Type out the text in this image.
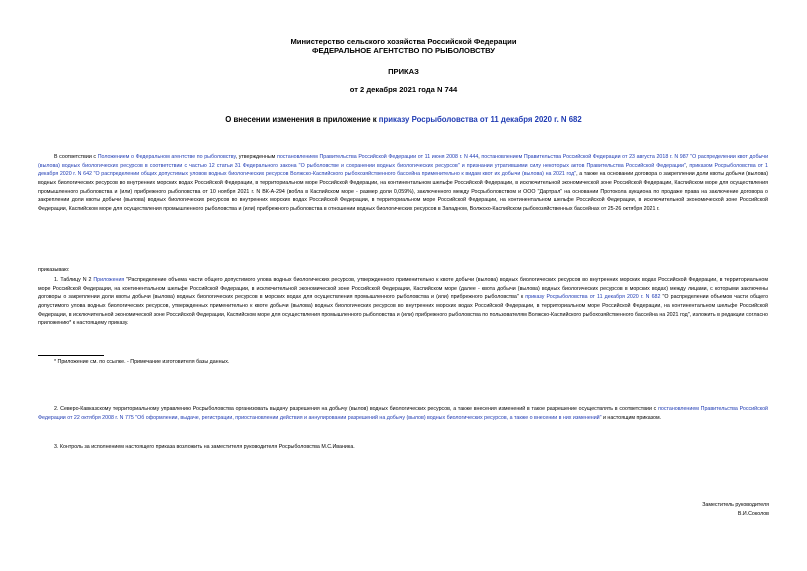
Министерство сельского хозяйства Российской Федерации
ФЕДЕРАЛЬНОЕ АГЕНТСТВО ПО РЫБОЛОВСТВУ
ПРИКАЗ
от 2 декабря 2021 года N 744
О внесении изменения в приложение к приказу Росрыболовства от 11 декабря 2020 г. N 682
В соответствии с Положением о Федеральном агентстве по рыболовству, утвержденным постановлением Правительства Российской Федерации от 11 июня 2008 г. N 444, постановлением Правительства Российской Федерации от 23 августа 2018 г. N 987 "О распределении квот добычи (вылова) водных биологических ресурсов в соответствии с частью 12 статьи 31 Федерального закона "О рыболовстве и сохранении водных биологических ресурсов" и признании утратившими силу некоторых актов Правительства Российской Федерации", приказом Росрыболовства от 1 декабря 2020 г. N 642 "О распределении общих допустимых уловов водных биологических ресурсов Волжско-Каспийского рыбохозяйственного бассейна применительно к видам квот их добычи (вылова) на 2021 год", а также на основании договора о закреплении доли квоты добычи (вылова) водных биологических ресурсов во внутренних морских водах Российской Федерации, в территориальном море Российской Федерации, на континентальном шельфе Российской Федерации, в исключительной экономической зоне Российской Федерации, Каспийском море для осуществления промышленного рыболовства и (или) прибрежного рыболовства от 10 ноября 2021 г. N ВК-А-294 (вобла в Каспийском море - размер доли 0,059%), заключенного между Росрыболовством и ООО "Дартрал" на основании Протокола аукциона по продаже права на заключение договора о закреплении доли квоты добычи (вылова) водных биологических ресурсов во внутренних морских водах Российской Федерации, в территориальном море Российской Федерации, на континентальном шельфе Российской Федерации, в исключительной экономической зоне Российской Федерации, Каспийском море для осуществления промышленного рыболовства и (или) прибрежного рыболовства в отношении водных биологических ресурсов в Западном, Волжско-Каспийском рыбохозяйственных бассейнах от 25-26 октября 2021 г.
приказываю:
1. Таблицу N 2 Приложения "Распределение объема части общего допустимого улова водных биологических ресурсов, утвержденного применительно к квоте добычи (вылова) водных биологических ресурсов во внутренних морских водах Российской Федерации, в территориальном море Российской Федерации, на континентальном шельфе Российской Федерации, в исключительной экономической зоне Российской Федерации, Каспийском море (далее - квота добычи (вылова) водных биологических ресурсов в морских водах) между лицами, с которыми заключены договоры о закреплении доли квоты добычи (вылова) водных биологических ресурсов в морских водах для осуществления промышленного рыболовства и (или) прибрежного рыболовства" к приказу Росрыболовства от 11 декабря 2020 г. N 682 "О распределении объемов части общего допустимого улова водных биологических ресурсов, утвержденных применительно к квоте добычи (вылова) водных биологических ресурсов во внутренних морских водах Российской Федерации, в территориальном море Российской Федерации, на континентальном шельфе Российской Федерации, в исключительной экономической зоне Российской Федерации, Каспийском море для осуществления промышленного рыболовства и (или) прибрежного рыболовства по пользователям Волжско-Каспийского рыбохозяйственного бассейна на 2021 год", изложить в редакции согласно приложению* к настоящему приказу.
* Приложение см. по ссылке. - Примечание изготовителя базы данных.
2. Северо-Кавказскому территориальному управлению Росрыболовства организовать выдачу разрешения на добычу (вылов) водных биологических ресурсов, а также внесения изменений в такое разрешение осуществлять в соответствии с постановлением Правительства Российской Федерации от 22 октября 2008 г. N 775 "Об оформлении, выдаче, регистрации, приостановлении действия и аннулировании разрешений на добычу (вылов) водных биологических ресурсов, а также о внесении в них изменений" и настоящим приказом.
3. Контроль за исполнением настоящего приказа возложить на заместителя руководителя Росрыболовства М.С.Иваника.
Заместитель руководителя
В.И.Соколов
